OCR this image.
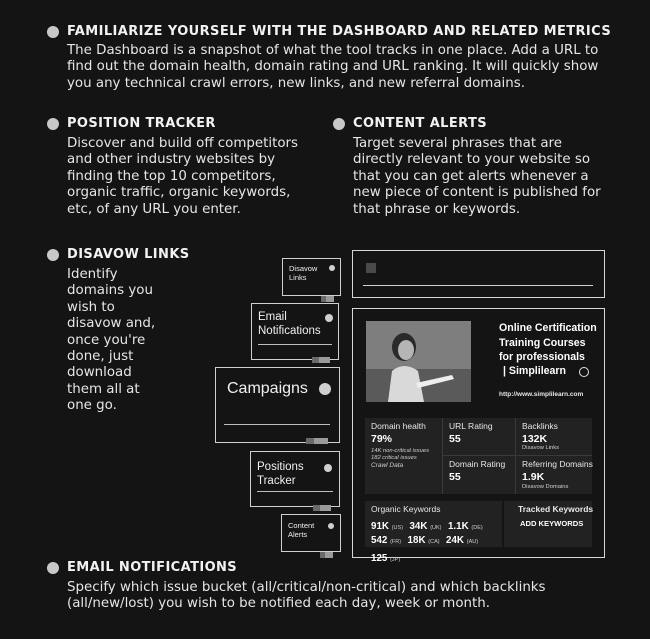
FAMILIARIZE YOURSELF WITH THE DASHBOARD AND RELATED METRICS
The Dashboard is a snapshot of what the tool tracks in one place. Add a URL to find out the domain health, domain rating and URL ranking. It will quickly show you any technical crawl errors, new links, and new referral domains.
POSITION TRACKER
Discover and build off competitors and other industry websites by finding the top 10 competitors, organic traffic, organic keywords, etc, of any URL you enter.
CONTENT ALERTS
Target several phrases that are directly relevant to your website so that you can get alerts whenever a new piece of content is published for that phrase or keywords.
DISAVOW LINKS
Identify domains you wish to disavow and, once you're done, just download them all at one go.
Disavow Links
Email Notifications
Campaigns
Positions Tracker
Content Alerts
Online Certification Training Courses for professionals
| Simplilearn
http://www.simplilearn.com
Domain health
79%
14K non-critical issues
182 critical issues
Crawl Data
URL Rating
55
Domain Rating
55
Backlinks
132K
Disavow Links
Referring Domains
1.9K
Disavow Domains
Organic Keywords
91K (US) 34K (UK) 1.1K (DE)
542 (FR) 18K (CA) 24K (AU) 125 (JP)
Tracked Keywords
ADD KEYWORDS
EMAIL NOTIFICATIONS
Specify which issue bucket (all/critical/non-critical) and which backlinks (all/new/lost) you wish to be notified each day, week or month.
